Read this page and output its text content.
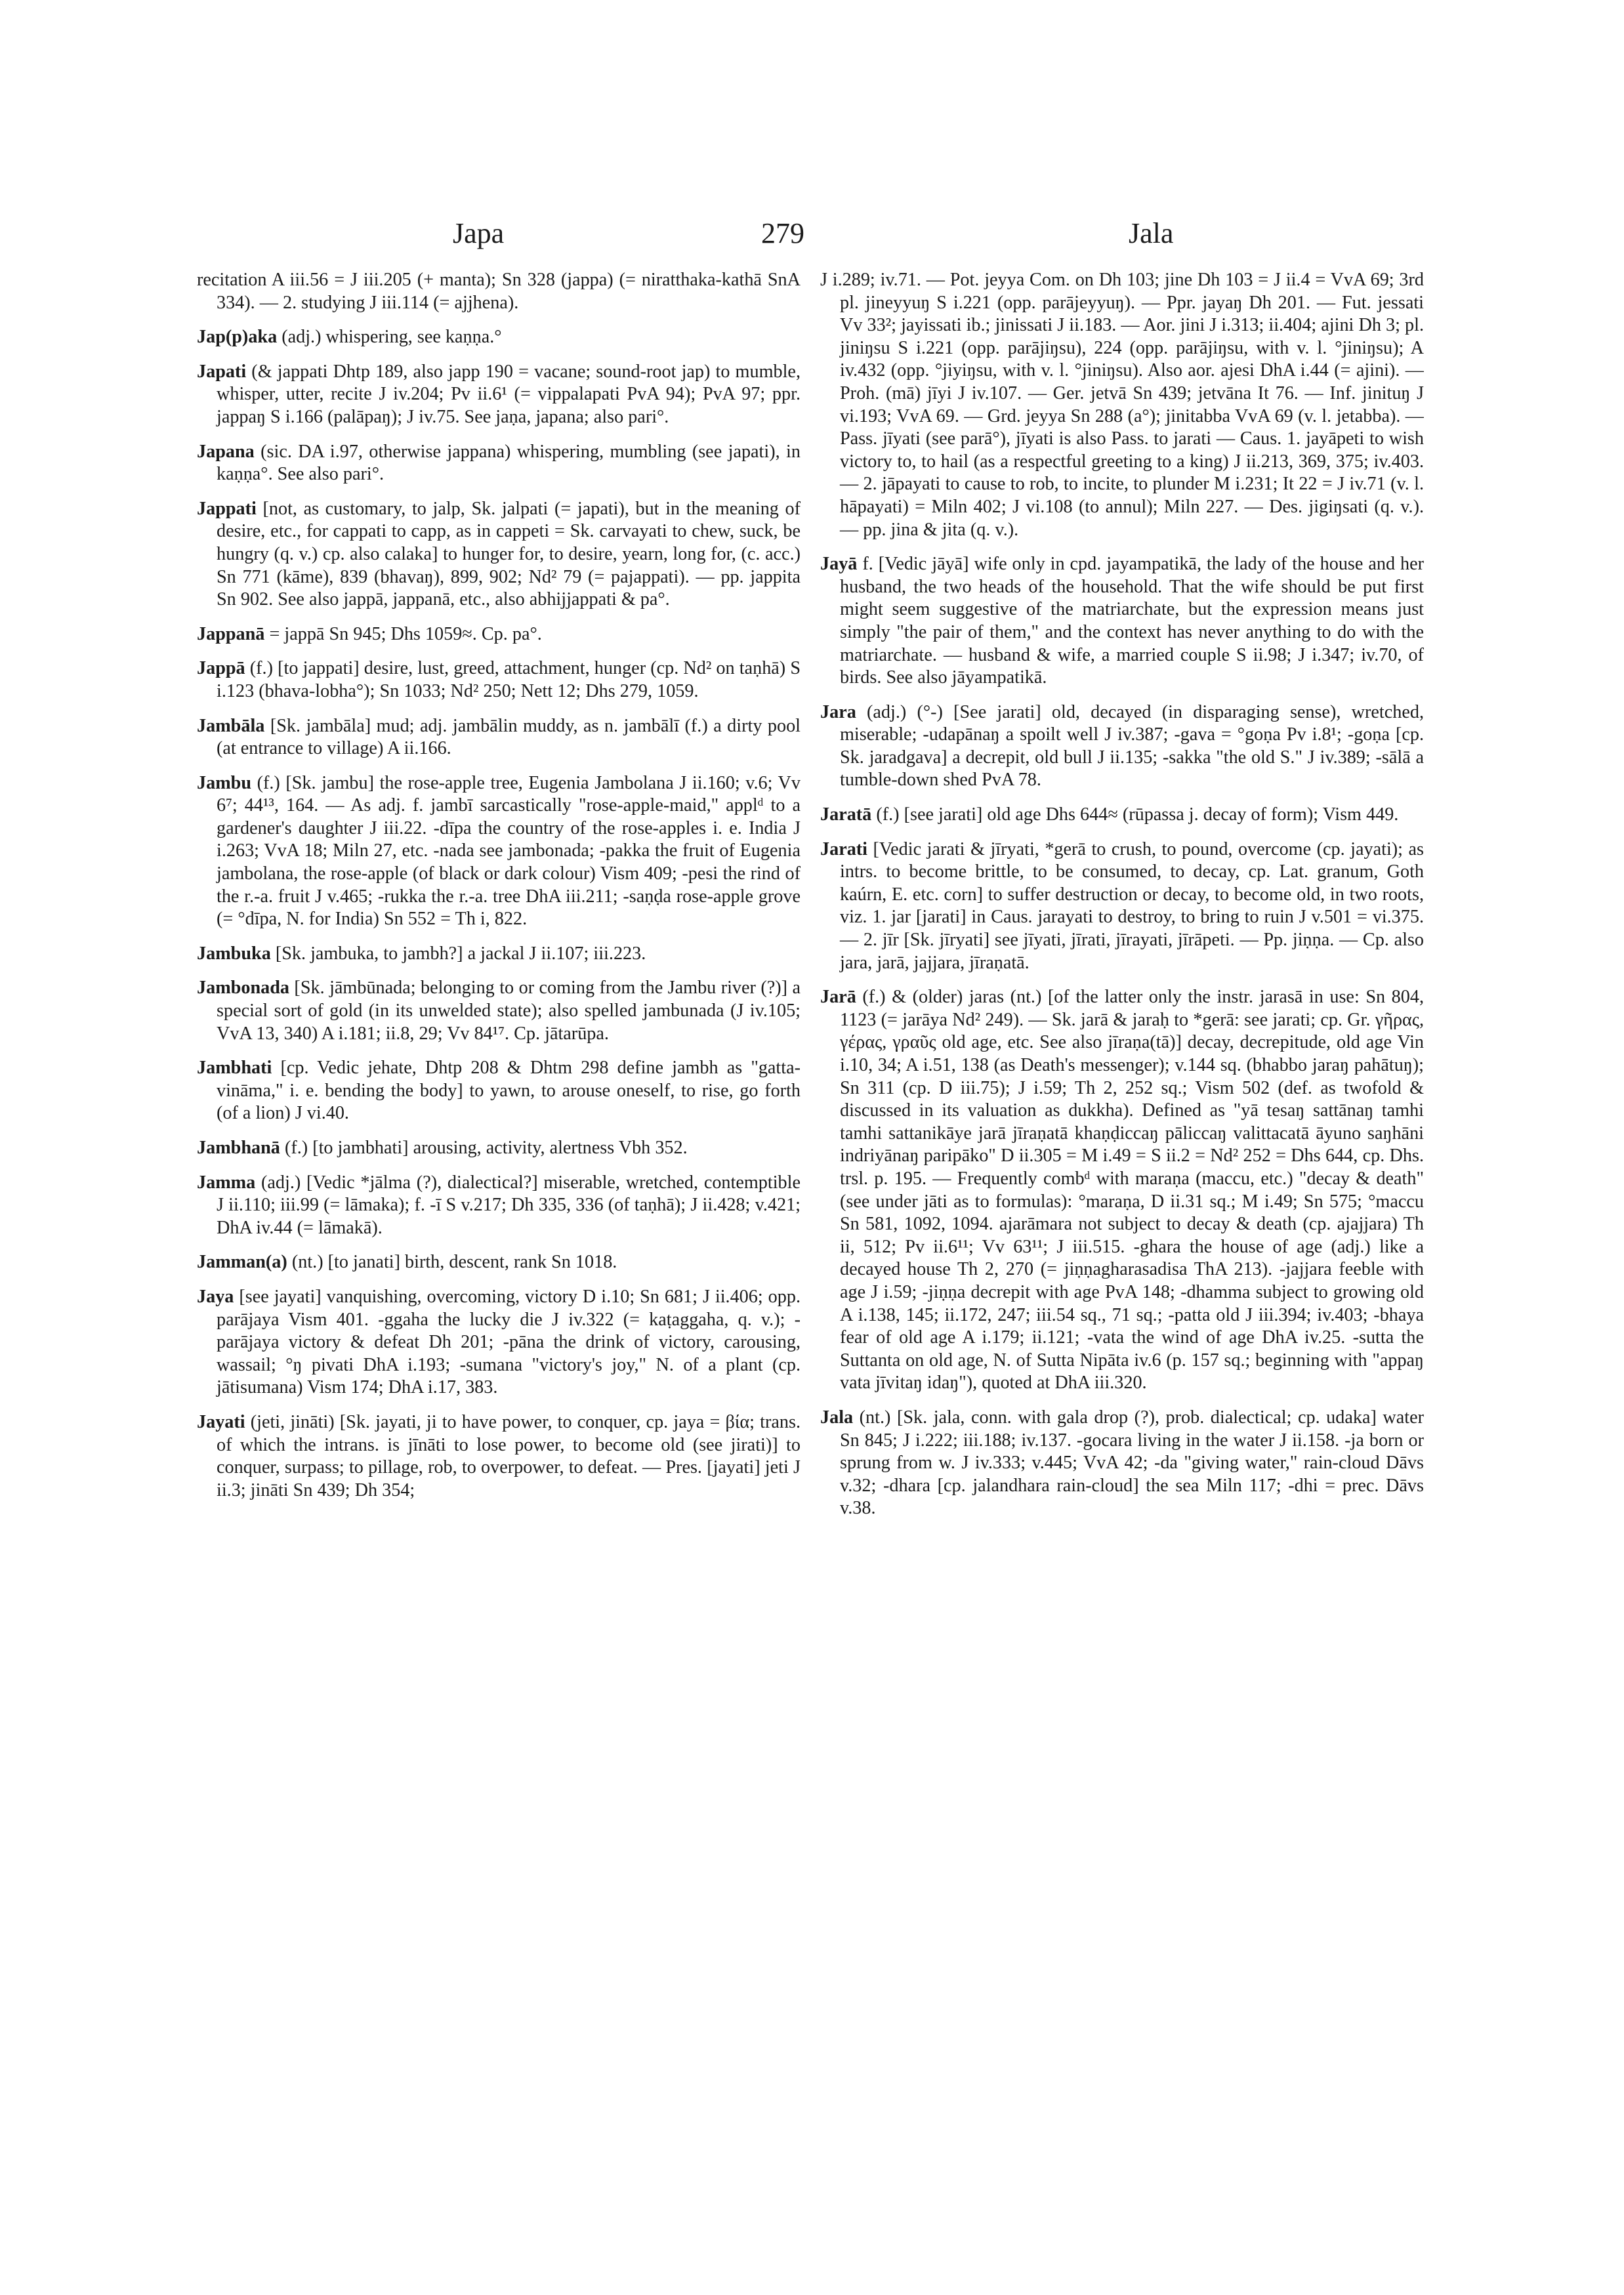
Japa	279	Jala

recitation A iii.56 = J iii.205 (+ manta); Sn 328 (jappa) (= niratthaka-kathā SnA 334). — 2. studying J iii.114 (= ajjhena).

Jap(p)aka (adj.) whispering, see kaṇṇa.°

Japati (& jappati Dhtp 189, also japp 190 = vacane; sound-root jap) to mumble, whisper, utter, recite J iv.204; Pv ii.6¹ (= vippalapati PvA 94); PvA 97; ppr. jappaŋ S i.166 (palāpaŋ); J iv.75. See jaṇa, japana; also pari°.

Japana (sic. DA i.97, otherwise jappana) whispering, mumbling (see japati), in kaṇṇa°. See also pari°.

Jappati [not, as customary, to jalp, Sk. jalpati (= japati), but in the meaning of desire, etc., for cappati to capp, as in cappeti = Sk. carvayati to chew, suck, be hungry (q. v.) cp. also calaka] to hunger for, to desire, yearn, long for, (c. acc.) Sn 771 (kāme), 839 (bhavaŋ), 899, 902; Nd² 79 (= pajappati). — pp. jappita Sn 902. See also jappā, jappanā, etc., also abhijjappati & pa°.

Jappanā = jappā Sn 945; Dhs 1059≈. Cp. pa°.

Jappā (f.) [to jappati] desire, lust, greed, attachment, hunger (cp. Nd² on taṇhā) S i.123 (bhava-lobha°); Sn 1033; Nd² 250; Nett 12; Dhs 279, 1059.

Jambāla [Sk. jambāla] mud; adj. jambālin muddy, as n. jambālī (f.) a dirty pool (at entrance to village) A ii.166.

Jambu (f.) [Sk. jambu] the rose-apple tree, Eugenia Jambolana J ii.160; v.6; Vv 6⁷; 44¹³, 164. — As adj. f. jambī sarcastically "rose-apple-maid," applᵈ to a gardener's daughter J iii.22. -dīpa the country of the rose-apples i. e. India J i.263; VvA 18; Miln 27, etc. -nada see jambonada; -pakka the fruit of Eugenia jambolana, the rose-apple (of black or dark colour) Vism 409; -pesi the rind of the r.-a. fruit J v.465; -rukka the r.-a. tree DhA iii.211; -saṇḍa rose-apple grove (= °dīpa, N. for India) Sn 552 = Th i, 822.

Jambuka [Sk. jambuka, to jambh?] a jackal J ii.107; iii.223.

Jambonada [Sk. jāmbūnada; belonging to or coming from the Jambu river (?)] a special sort of gold (in its unwelded state); also spelled jambunada (J iv.105; VvA 13, 340) A i.181; ii.8, 29; Vv 84¹⁷. Cp. jātarūpa.

Jambhati [cp. Vedic jehate, Dhtp 208 & Dhtm 298 define jambh as "gatta-vināma," i. e. bending the body] to yawn, to arouse oneself, to rise, go forth (of a lion) J vi.40.

Jambhanā (f.) [to jambhati] arousing, activity, alertness Vbh 352.

Jamma (adj.) [Vedic *jālma (?), dialectical?] miserable, wretched, contemptible J ii.110; iii.99 (= lāmaka); f. -ī S v.217; Dh 335, 336 (of taṇhā); J ii.428; v.421; DhA iv.44 (= lāmakā).

Jamman(a) (nt.) [to janati] birth, descent, rank Sn 1018.

Jaya [see jayati] vanquishing, overcoming, victory D i.10; Sn 681; J ii.406; opp. parājaya Vism 401. -ggaha the lucky die J iv.322 (= kaṭaggaha, q. v.); -parājaya victory & defeat Dh 201; -pāna the drink of victory, carousing, wassail; °ŋ pivati DhA i.193; -sumana "victory's joy," N. of a plant (cp. jātisumana) Vism 174; DhA i.17, 383.

Jayati (jeti, jināti) [Sk. jayati, ji to have power, to conquer, cp. jaya = βία; trans. of which the intrans. is jīnāti to lose power, to become old (see jirati)] to conquer, surpass; to pillage, rob, to overpower, to defeat. — Pres. [jayati] jeti J ii.3; jināti Sn 439; Dh 354;

J i.289; iv.71. — Pot. jeyya Com. on Dh 103; jine Dh 103 = J ii.4 = VvA 69; 3rd pl. jineyyuŋ S i.221 (opp. parājeyyuŋ). — Ppr. jayaŋ Dh 201. — Fut. jessati Vv 33²; jayissati ib.; jinissati J ii.183. — Aor. jini J i.313; ii.404; ajini Dh 3; pl. jiniŋsu S i.221 (opp. parājiŋsu), 224 (opp. parājiŋsu, with v. l. °jiniŋsu); A iv.432 (opp. °jiyiŋsu, with v. l. °jiniŋsu). Also aor. ajesi DhA i.44 (= ajini). — Proh. (mā) jīyi J iv.107. — Ger. jetvā Sn 439; jetvāna It 76. — Inf. jinituŋ J vi.193; VvA 69. — Grd. jeyya Sn 288 (a°); jinitabba VvA 69 (v. l. jetabba). — Pass. jīyati (see parā°), jīyati is also Pass. to jarati — Caus. 1. jayāpeti to wish victory to, to hail (as a respectful greeting to a king) J ii.213, 369, 375; iv.403. — 2. jāpayati to cause to rob, to incite, to plunder M i.231; It 22 = J iv.71 (v. l. hāpayati) = Miln 402; J vi.108 (to annul); Miln 227. — Des. jigiŋsati (q. v.). — pp. jina & jita (q. v.).

Jayā f. [Vedic jāyā] wife only in cpd. jayampatikā, the lady of the house and her husband, the two heads of the household. That the wife should be put first might seem suggestive of the matriarchate, but the expression means just simply "the pair of them," and the context has never anything to do with the matriarchate. — husband & wife, a married couple S ii.98; J i.347; iv.70, of birds. See also jāyampatikā.

Jara (adj.) (°-) [See jarati] old, decayed (in disparaging sense), wretched, miserable; -udapānaŋ a spoilt well J iv.387; -gava = °goṇa Pv i.8¹; -goṇa [cp. Sk. jaradgava] a decrepit, old bull J ii.135; -sakka "the old S." J iv.389; -sālā a tumble-down shed PvA 78.

Jaratā (f.) [see jarati] old age Dhs 644≈ (rūpassa j. decay of form); Vism 449.

Jarati [Vedic jarati & jīryati, *gerā to crush, to pound, overcome (cp. jayati); as intrs. to become brittle, to be consumed, to decay, cp. Lat. granum, Goth kaúrn, E. etc. corn] to suffer destruction or decay, to become old, in two roots, viz. 1. jar [jarati] in Caus. jarayati to destroy, to bring to ruin J v.501 = vi.375. — 2. jīr [Sk. jīryati] see jīyati, jīrati, jīrayati, jīrāpeti. — Pp. jiṇṇa. — Cp. also jara, jarā, jajjara, jīraṇatā.

Jarā (f.) & (older) jaras (nt.) [of the latter only the instr. jarasā in use: Sn 804, 1123 (= jarāya Nd² 249). — Sk. jarā & jaraḥ to *gerā: see jarati; cp. Gr. γῆρας, γέρας, γραῦς old age, etc. See also jīraṇa(tā)] decay, decrepitude, old age Vin i.10, 34; A i.51, 138 (as Death's messenger); v.144 sq. (bhabbo jaraŋ pahātuŋ); Sn 311 (cp. D iii.75); J i.59; Th 2, 252 sq.; Vism 502 (def. as twofold & discussed in its valuation as dukkha). Defined as "yā tesaŋ sattānaŋ tamhi tamhi sattanikāye jarā jīraṇatā khaṇḍiccaŋ pāliccaŋ valittacatā āyuno saŋhāni indriyānaŋ paripāko" D ii.305 = M i.49 = S ii.2 = Nd² 252 = Dhs 644, cp. Dhs. trsl. p. 195. — Frequently combᵈ with maraṇa (maccu, etc.) "decay & death" (see under jāti as to formulas): °maraṇa, D ii.31 sq.; M i.49; Sn 575; °maccu Sn 581, 1092, 1094. ajarāmara not subject to decay & death (cp. ajajjara) Th ii, 512; Pv ii.6¹¹; Vv 63¹¹; J iii.515. -ghara the house of age (adj.) like a decayed house Th 2, 270 (= jiṇṇagharasadisa ThA 213). -jajjara feeble with age J i.59; -jiṇṇa decrepit with age PvA 148; -dhamma subject to growing old A i.138, 145; ii.172, 247; iii.54 sq., 71 sq.; -patta old J iii.394; iv.403; -bhaya fear of old age A i.179; ii.121; -vata the wind of age DhA iv.25. -sutta the Suttanta on old age, N. of Sutta Nipāta iv.6 (p. 157 sq.; beginning with "appaŋ vata jīvitaŋ idaŋ"), quoted at DhA iii.320.

Jala (nt.) [Sk. jala, conn. with gala drop (?), prob. dialectical; cp. udaka] water Sn 845; J i.222; iii.188; iv.137. -gocara living in the water J ii.158. -ja born or sprung from w. J iv.333; v.445; VvA 42; -da "giving water," rain-cloud Dāvs v.32; -dhara [cp. jalandhara rain-cloud] the sea Miln 117; -dhi = prec. Dāvs v.38.
